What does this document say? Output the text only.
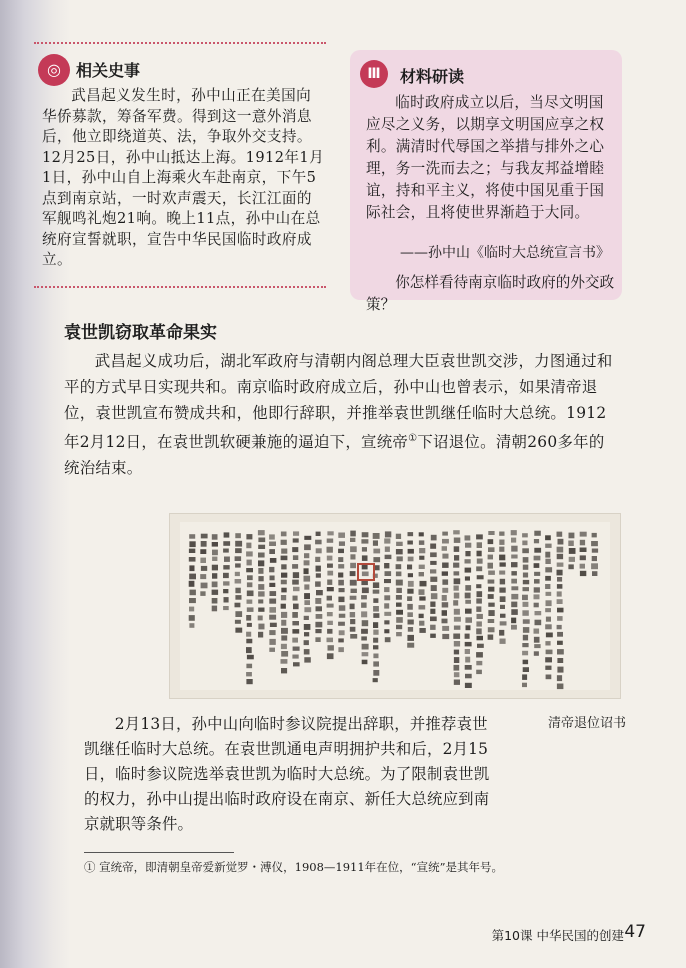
◎ 相关史事

武昌起义发生时，孙中山正在美国向华侨募款，筹备军费。得到这一意外消息后，他立即绕道英、法，争取外交支持。12月25日，孙中山抵达上海。1912年1月1日，孙中山自上海乘火车赴南京，下午5点到南京站，一时欢声震天，长江江面的军舰鸣礼炮21响。晚上11点，孙中山在总统府宣誓就职，宣告中华民国临时政府成立。

Ⅲ	材料研读

临时政府成立以后，当尽文明国应尽之义务，以期享文明国应享之权利。满清时代辱国之举措与排外之心理，务一洗而去之；与我友邦益增睦谊，持和平主义，将使中国见重于国际社会，且将使世界渐趋于大同。

——孙中山《临时大总统宣言书》

你怎样看待南京临时政府的外交政策？

袁世凯窃取革命果实

武昌起义成功后，湖北军政府与清朝内阁总理大臣袁世凯交涉，力图通过和平的方式早日实现共和。南京临时政府成立后，孙中山也曾表示，如果清帝退位，袁世凯宣布赞成共和，他即行辞职，并推举袁世凯继任临时大总统。1912年2月12日，在袁世凯软硬兼施的逼迫下，宣统帝①下诏退位。清朝260多年的统治结束。

清帝退位诏书

2月13日，孙中山向临时参议院提出辞职，并推荐袁世凯继任临时大总统。在袁世凯通电声明拥护共和后，2月15日，临时参议院选举袁世凯为临时大总统。为了限制袁世凯的权力，孙中山提出临时政府设在南京、新任大总统应到南京就职等条件。

① 宣统帝，即清朝皇帝爱新觉罗・溥仪，1908—1911年在位，“宣统”是其年号。

第10课 中华民国的创建 47
